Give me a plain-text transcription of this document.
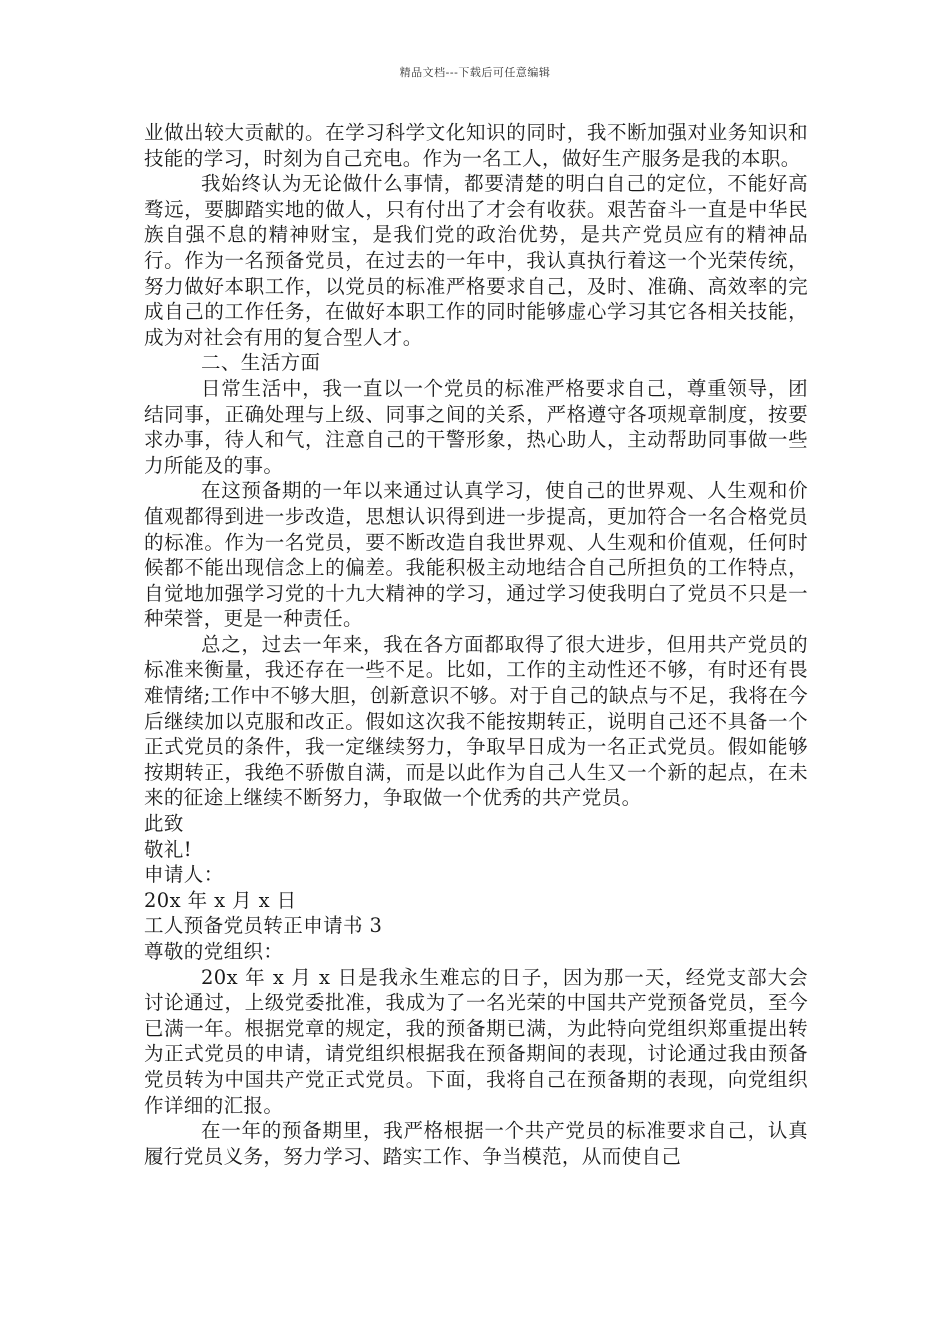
精品文档---下载后可任意编辑

业做出较大贡献的。在学习科学文化知识的同时，我不断加强对业务知识和技能的学习，时刻为自己充电。作为一名工人，做好生产服务是我的本职。

我始终认为无论做什么事情，都要清楚的明白自己的定位，不能好高骛远，要脚踏实地的做人，只有付出了才会有收获。艰苦奋斗一直是中华民族自强不息的精神财宝，是我们党的政治优势，是共产党员应有的精神品行。作为一名预备党员，在过去的一年中，我认真执行着这一个光荣传统，努力做好本职工作，以党员的标准严格要求自己，及时、准确、高效率的完成自己的工作任务，在做好本职工作的同时能够虚心学习其它各相关技能，成为对社会有用的复合型人才。

二、生活方面

日常生活中，我一直以一个党员的标准严格要求自己，尊重领导，团结同事，正确处理与上级、同事之间的关系，严格遵守各项规章制度，按要求办事，待人和气，注意自己的干警形象，热心助人，主动帮助同事做一些力所能及的事。

在这预备期的一年以来通过认真学习，使自己的世界观、人生观和价值观都得到进一步改造，思想认识得到进一步提高，更加符合一名合格党员的标准。作为一名党员，要不断改造自我世界观、人生观和价值观，任何时候都不能出现信念上的偏差。我能积极主动地结合自己所担负的工作特点，自觉地加强学习党的十九大精神的学习，通过学习使我明白了党员不只是一种荣誉，更是一种责任。

总之，过去一年来，我在各方面都取得了很大进步，但用共产党员的标准来衡量，我还存在一些不足。比如，工作的主动性还不够，有时还有畏难情绪;工作中不够大胆，创新意识不够。对于自己的缺点与不足，我将在今后继续加以克服和改正。假如这次我不能按期转正，说明自己还不具备一个正式党员的条件，我一定继续努力，争取早日成为一名正式党员。假如能够按期转正，我绝不骄傲自满，而是以此作为自己人生又一个新的起点，在未来的征途上继续不断努力，争取做一个优秀的共产党员。

此致

敬礼!

申请人：

20x 年 x 月 x 日

工人预备党员转正申请书 3

尊敬的党组织：

20x 年 x 月 x 日是我永生难忘的日子，因为那一天，经党支部大会讨论通过，上级党委批准，我成为了一名光荣的中国共产党预备党员，至今已满一年。根据党章的规定，我的预备期已满，为此特向党组织郑重提出转为正式党员的申请，请党组织根据我在预备期间的表现，讨论通过我由预备党员转为中国共产党正式党员。下面，我将自己在预备期的表现，向党组织作详细的汇报。

在一年的预备期里，我严格根据一个共产党员的标准要求自己，认真履行党员义务，努力学习、踏实工作、争当模范，从而使自己
